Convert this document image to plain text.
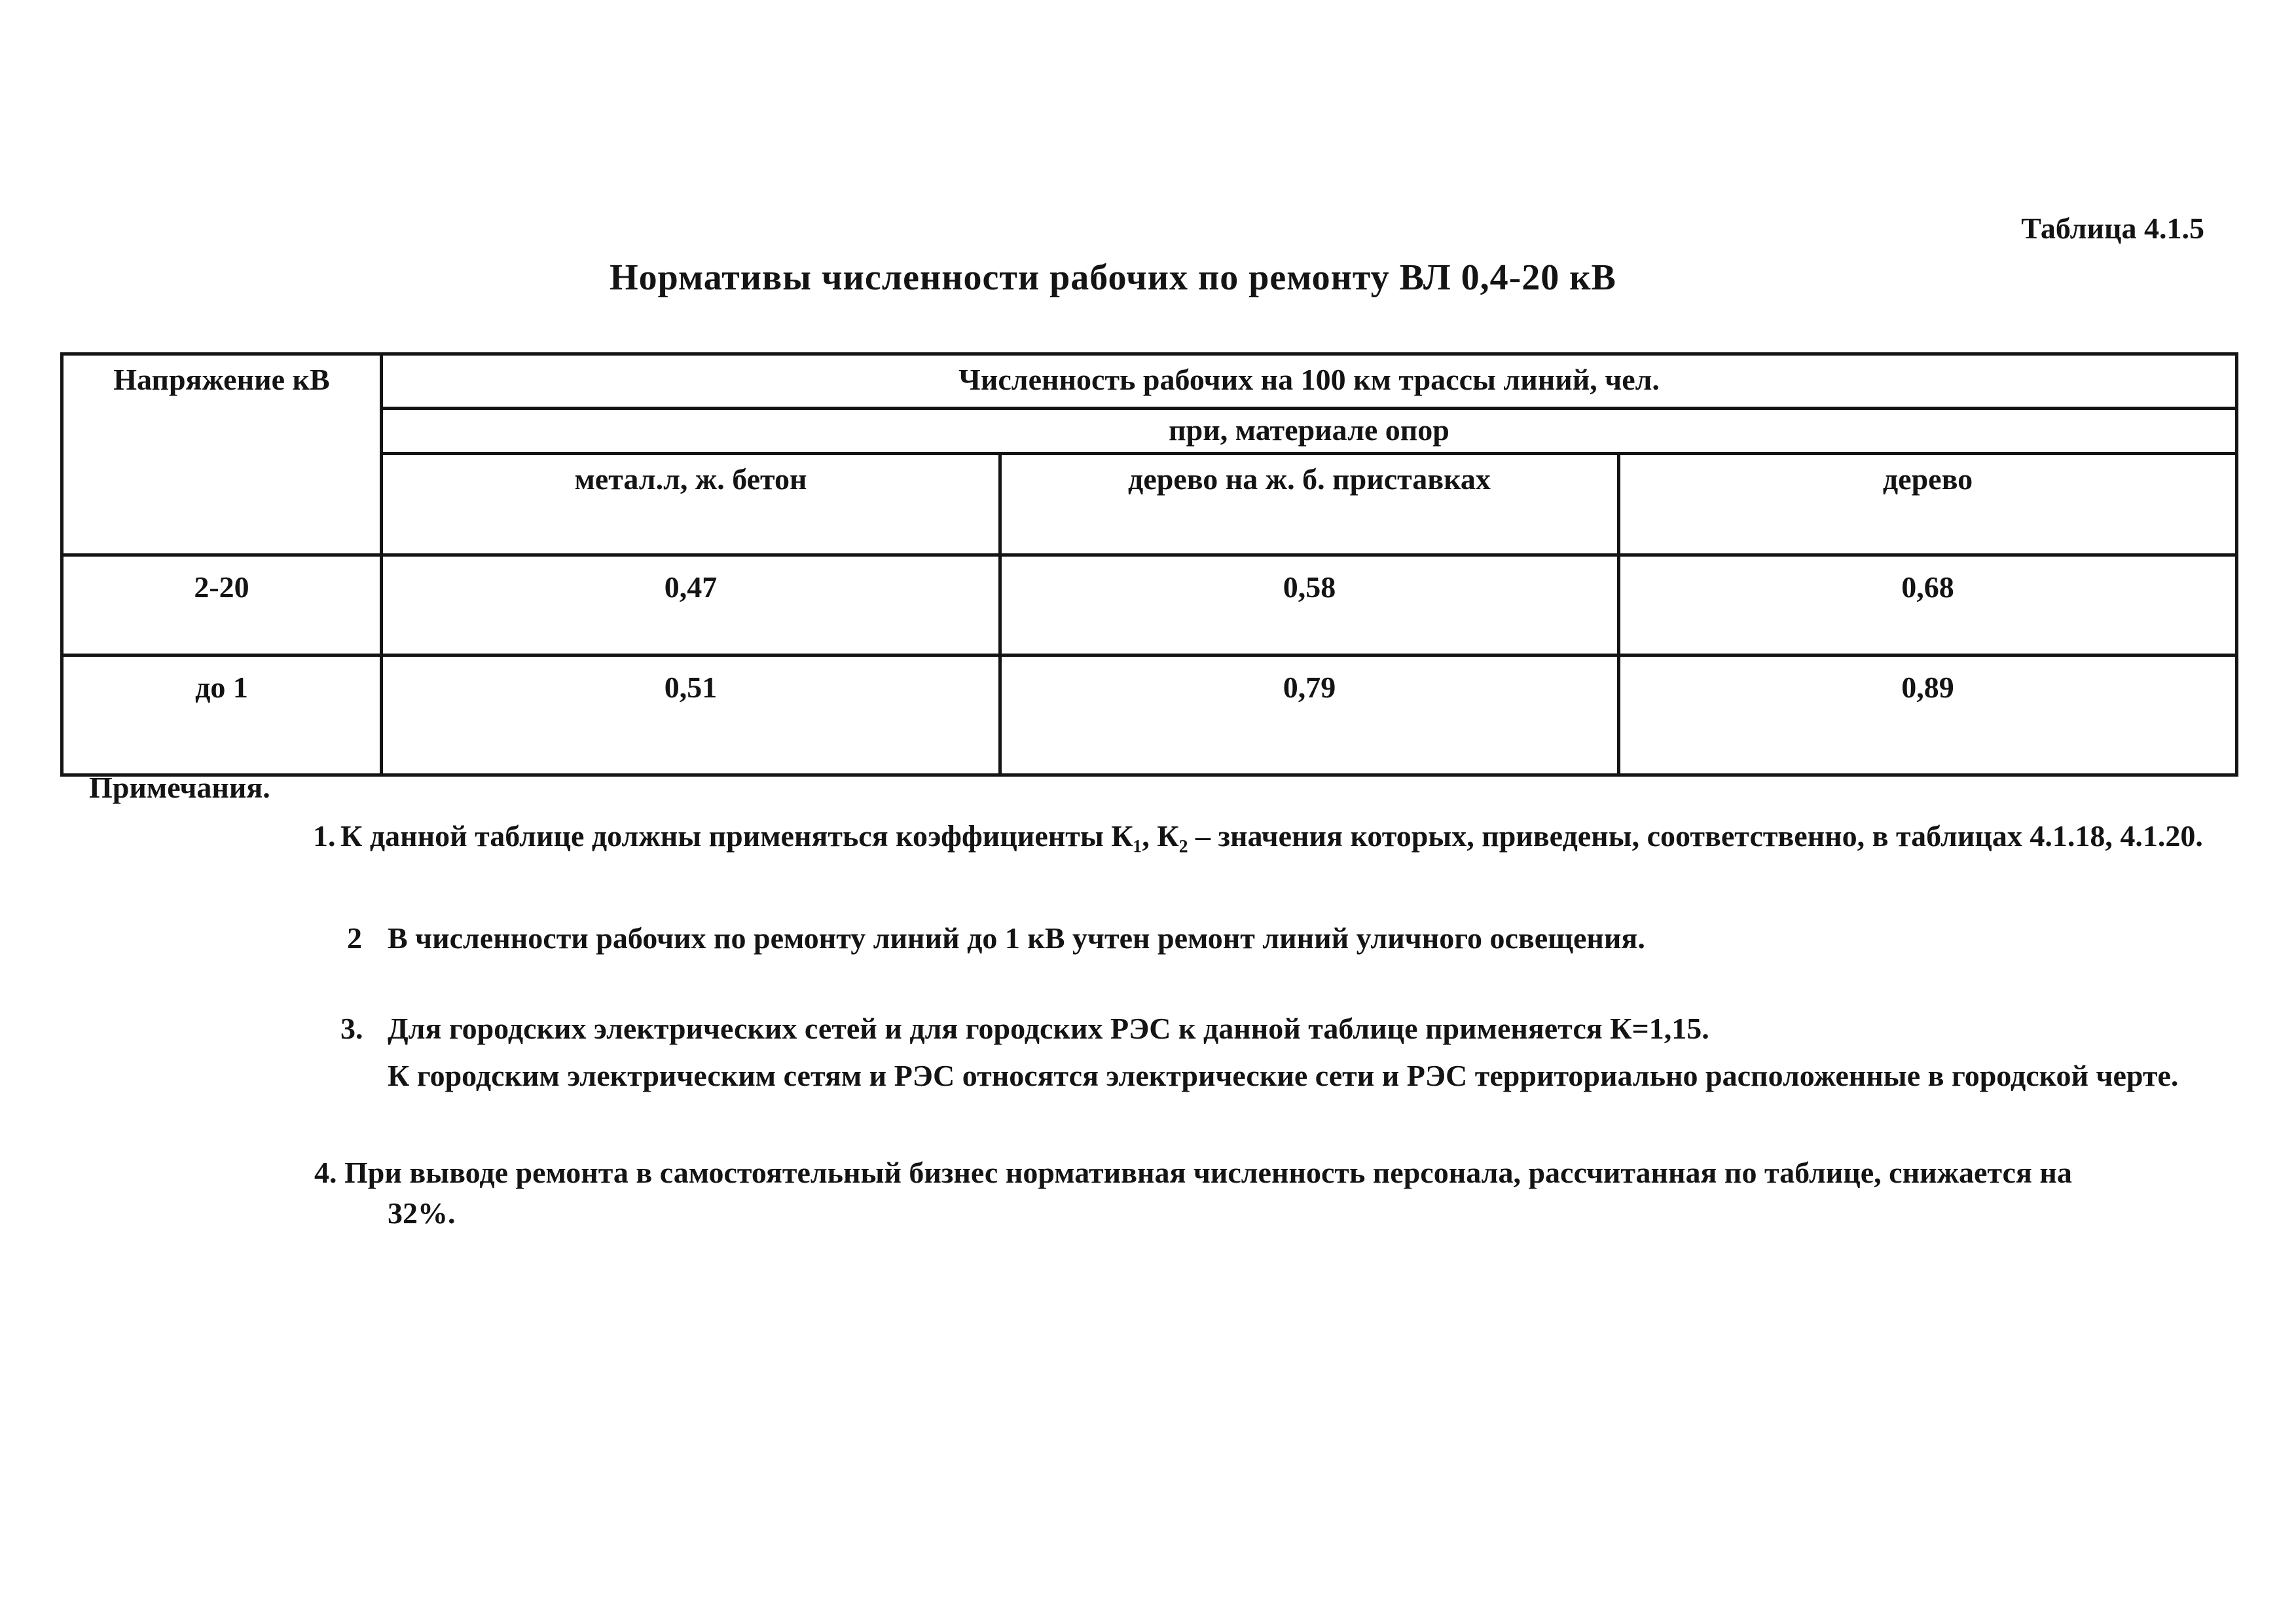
Таблица 4.1.5
Нормативы численности рабочих по ремонту ВЛ 0,4-20 кВ
Напряжение кВ	Численность рабочих на 100 км трассы линий, чел.		
	при, материале опор		
	метал.л, ж. бетон	дерево на ж. б. приставках	дерево
2-20	0,47	0,58	0,68
до 1	0,51	0,79	0,89
Примечания.
1. К данной таблице должны применяться коэффициенты К₁, К₂ – значения которых, приведены, соответственно, в таблицах 4.1.18, 4.1.20.
2 В численности рабочих по ремонту линий до 1 кВ учтен ремонт линий уличного освещения.
3. Для городских электрических сетей и для городских РЭС к данной таблице применяется К=1,15.
К городским электрическим сетям и РЭС относятся электрические сети и РЭС территориально расположенные в городской черте.
4. При выводе ремонта в самостоятельный бизнес нормативная численность персонала, рассчитанная по таблице, снижается на
32%.
